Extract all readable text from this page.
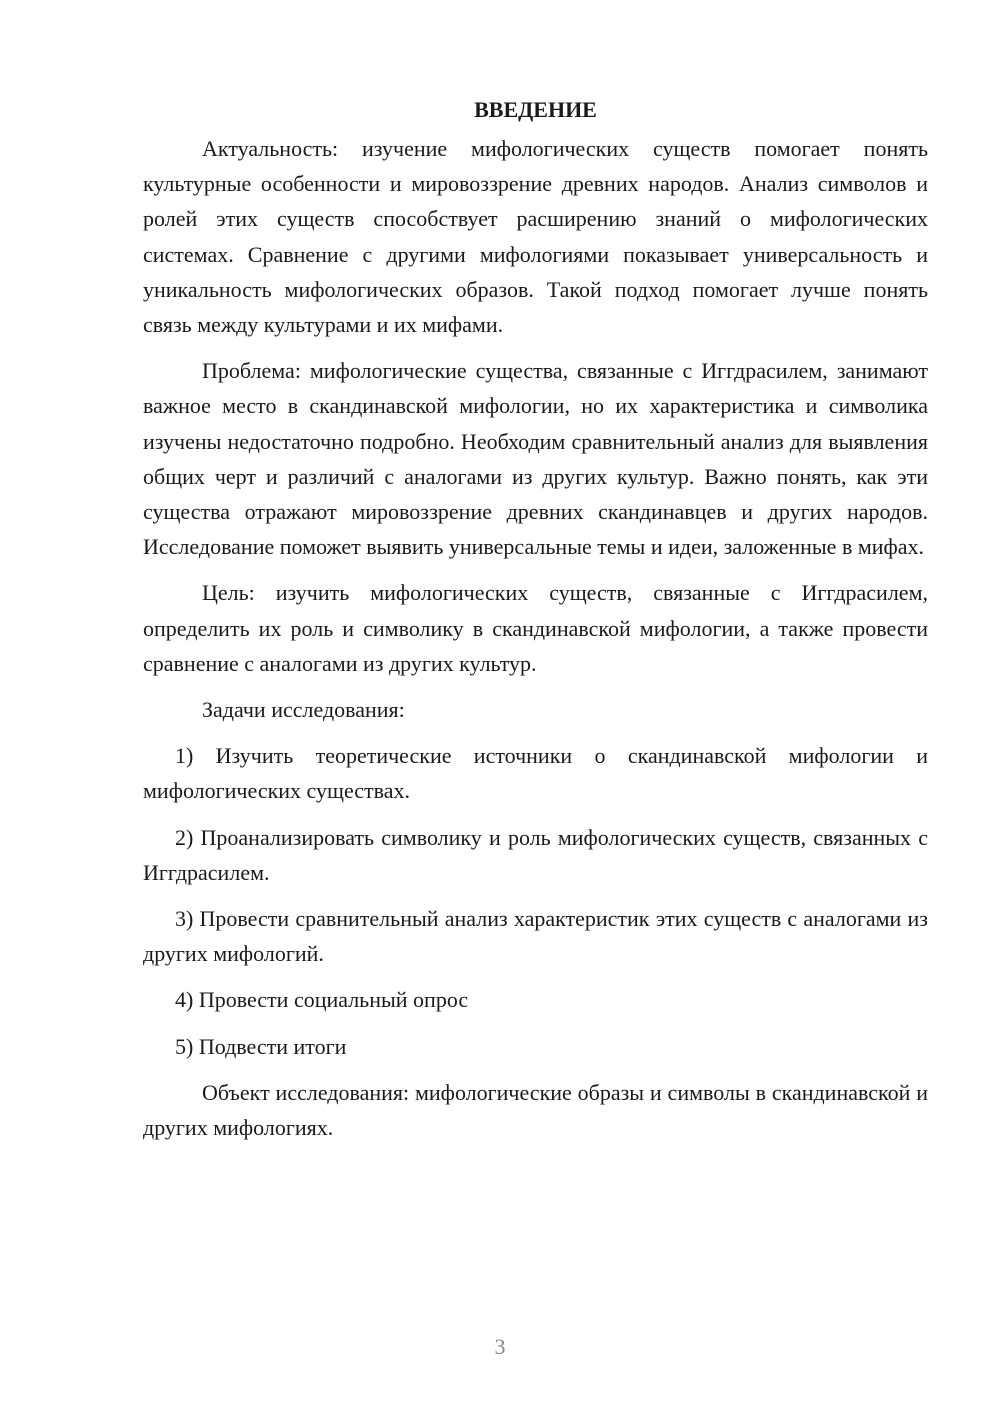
ВВЕДЕНИЕ

Актуальность: изучение мифологических существ помогает понять культурные особенности и мировоззрение древних народов. Анализ символов и ролей этих существ способствует расширению знаний о мифологических системах. Сравнение с другими мифологиями показывает универсальность и уникальность мифологических образов. Такой подход помогает лучше понять связь между культурами и их мифами.

Проблема: мифологические существа, связанные с Иггдрасилем, занимают важное место в скандинавской мифологии, но их характеристика и символика изучены недостаточно подробно. Необходим сравнительный анализ для выявления общих черт и различий с аналогами из других культур. Важно понять, как эти существа отражают мировоззрение древних скандинавцев и других народов. Исследование поможет выявить универсальные темы и идеи, заложенные в мифах.

Цель: изучить мифологических существ, связанные с Иггдрасилем, определить их роль и символику в скандинавской мифологии, а также провести сравнение с аналогами из других культур.

Задачи исследования:

1) Изучить теоретические источники о скандинавской мифологии и мифологических существах.

2) Проанализировать символику и роль мифологических существ, связанных с Иггдрасилем.

3) Провести сравнительный анализ характеристик этих существ с аналогами из других мифологий.

4) Провести социальный опрос

5) Подвести итоги

Объект исследования: мифологические образы и символы в скандинавской и других мифологиях.

3
